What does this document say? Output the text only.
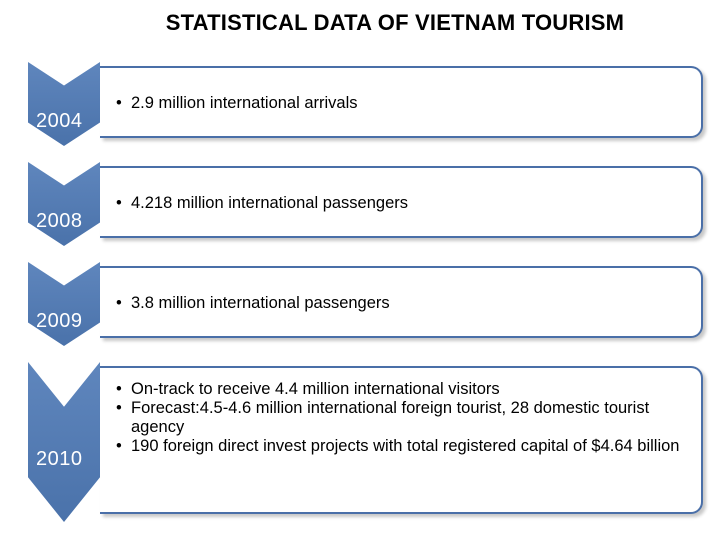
STATISTICAL DATA OF VIETNAM TOURISM
2004
• 2.9 million international arrivals
2008
• 4.218 million international passengers
2009
• 3.8 million international passengers
2010
• On-track to receive 4.4 million international visitors
• Forecast:4.5-4.6 million international foreign tourist, 28 domestic tourist agency
• 190 foreign direct invest projects with total registered capital of $4.64 billion
